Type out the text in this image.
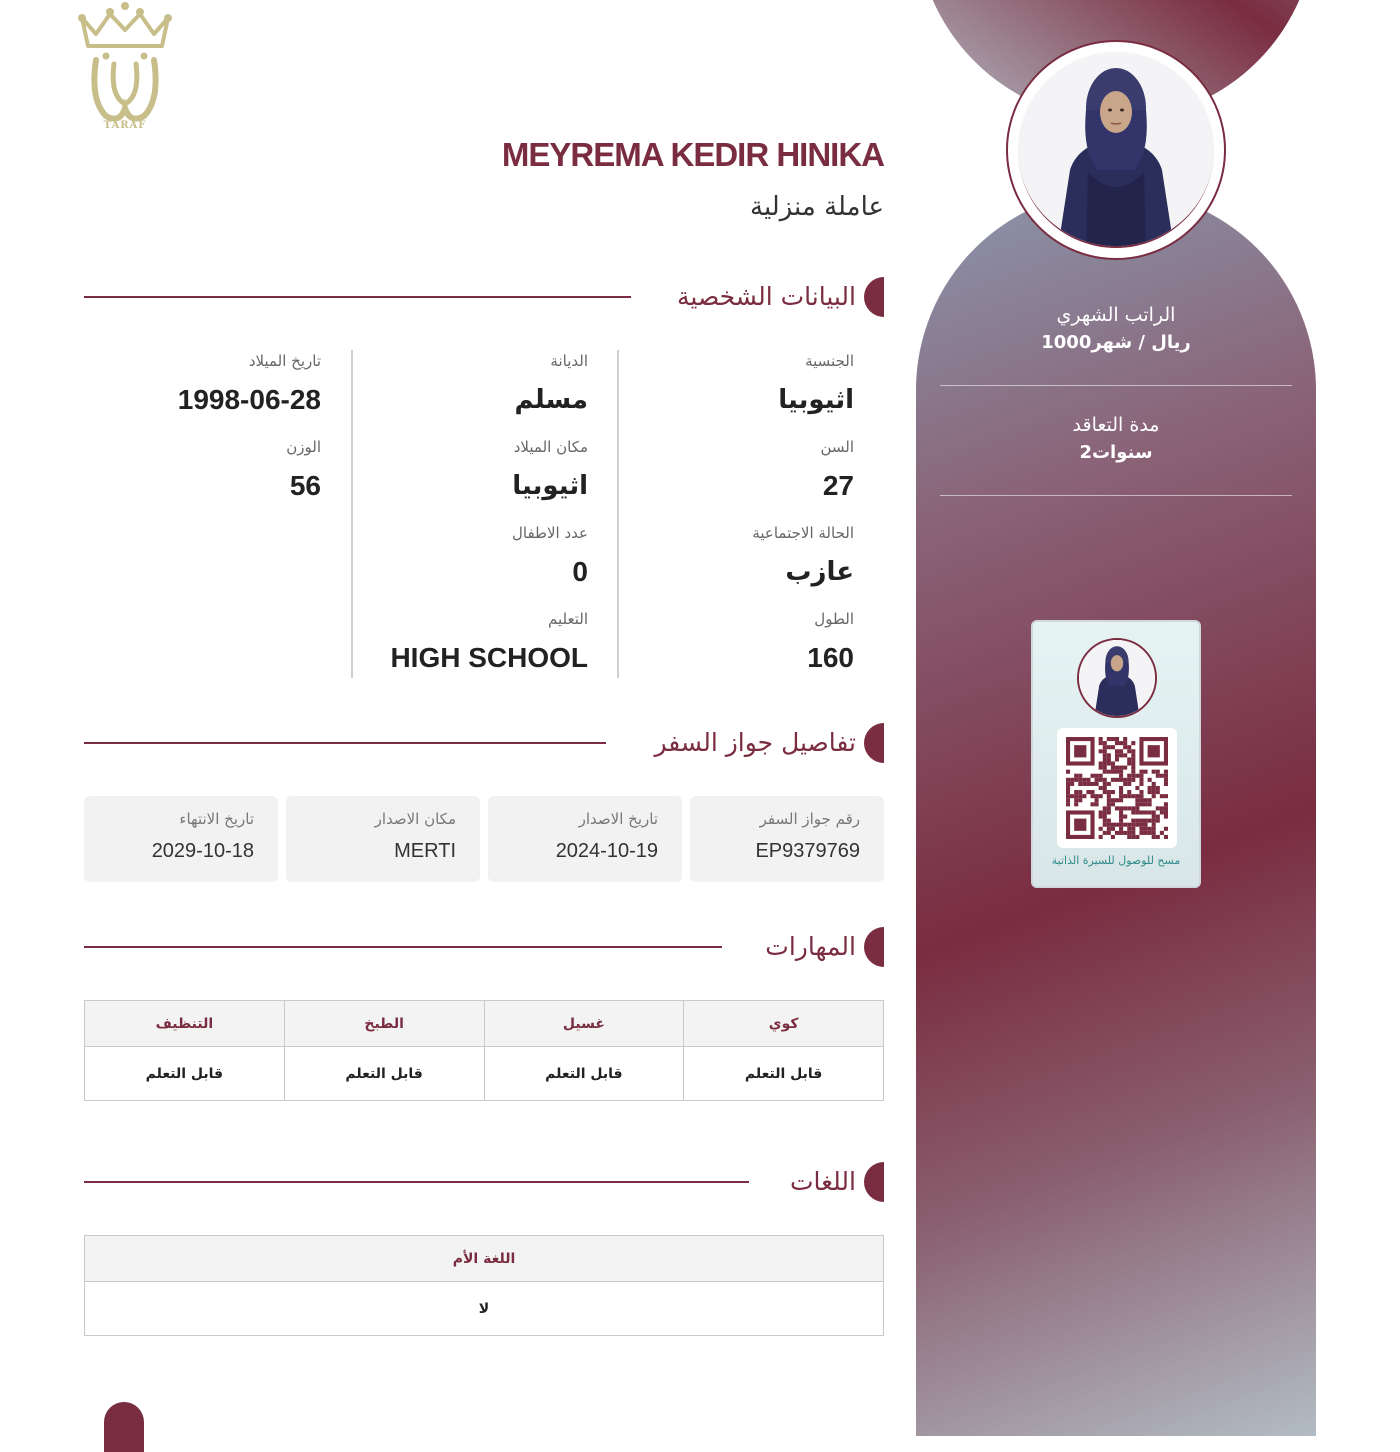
الراتب الشهري
1000ريال / شهر
مدة التعاقد
2سنوات
مسح للوصول للسيرة الذاتية
TARAF
MEYREMA KEDIR HINIKA
عاملة منزلية
البيانات الشخصية
الجنسية
اثيوبيا
السن
27
الحالة الاجتماعية
عازب
الطول
160
الديانة
مسلم
مكان الميلاد
اثيوبيا
عدد الاطفال
0
التعليم
HIGH SCHOOL
تاريخ الميلاد
1998-06-28
الوزن
56
تفاصيل جواز السفر
رقم جواز السفر
EP9379769
تاريخ الاصدار
2024-10-19
مكان الاصدار
MERTI
تاريخ الانتهاء
2029-10-18
المهارات
كوي	غسيل	الطبخ	التنظيف
قابل التعلم	قابل التعلم	قابل التعلم	قابل التعلم
اللغات
اللغة الأم
لا
